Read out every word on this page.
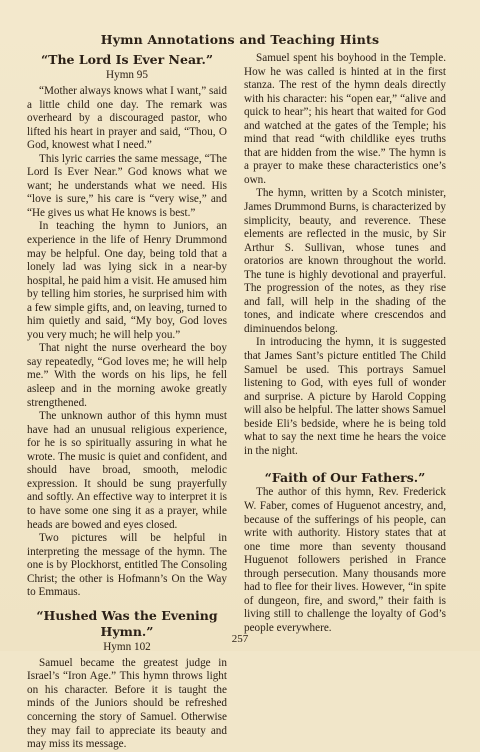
Hymn Annotations and Teaching Hints
“The Lord Is Ever Near.”
Hymn 95

“Mother always knows what I want,” said a little child one day. The remark was overheard by a discouraged pastor, who lifted his heart in prayer and said, “Thou, O God, knowest what I need.”

This lyric carries the same message, “The Lord Is Ever Near.” God knows what we want; he understands what we need. His “love is sure,” his care is “very wise,” and “He gives us what He knows is best.”

In teaching the hymn to Juniors, an experience in the life of Henry Drummond may be helpful. One day, being told that a lonely lad was lying sick in a near-by hospital, he paid him a visit. He amused him by telling him stories, he surprised him with a few simple gifts, and, on leaving, turned to him quietly and said, “My boy, God loves you very much; he will help you.”

That night the nurse overheard the boy say repeatedly, “God loves me; he will help me.” With the words on his lips, he fell asleep and in the morning awoke greatly strengthened.

The unknown author of this hymn must have had an unusual religious experience, for he is so spiritually assuring in what he wrote. The music is quiet and confident, and should have broad, smooth, melodic expression. It should be sung prayerfully and softly. An effective way to interpret it is to have some one sing it as a prayer, while heads are bowed and eyes closed.

Two pictures will be helpful in interpreting the message of the hymn. The one is by Plockhorst, entitled The Consoling Christ; the other is Hofmann’s On the Way to Emmaus.

“Hushed Was the Evening Hymn.”
Hymn 102

Samuel became the greatest judge in Israel’s “Iron Age.” This hymn throws light on his character. Before it is taught the minds of the Juniors should be refreshed concerning the story of Samuel. Otherwise they may fail to appreciate its beauty and may miss its message.

Samuel spent his boyhood in the Temple. How he was called is hinted at in the first stanza. The rest of the hymn deals directly with his character: his “open ear,” “alive and quick to hear”; his heart that waited for God and watched at the gates of the Temple; his mind that read “with childlike eyes truths that are hidden from the wise.” The hymn is a prayer to make these characteristics one’s own.

The hymn, written by a Scotch minister, James Drummond Burns, is characterized by simplicity, beauty, and reverence. These elements are reflected in the music, by Sir Arthur S. Sullivan, whose tunes and oratorios are known throughout the world. The tune is highly devotional and prayerful. The progression of the notes, as they rise and fall, will help in the shading of the tones, and indicate where crescendos and diminuendos belong.

In introducing the hymn, it is suggested that James Sant’s picture entitled The Child Samuel be used. This portrays Samuel listening to God, with eyes full of wonder and surprise. A picture by Harold Copping will also be helpful. The latter shows Samuel beside Eli’s bedside, where he is being told what to say the next time he hears the voice in the night.

“Faith of Our Fathers.”

The author of this hymn, Rev. Frederick W. Faber, comes of Huguenot ancestry, and, because of the sufferings of his people, can write with authority. History states that at one time more than seventy thousand Huguenot followers perished in France through persecution. Many thousands more had to flee for their lives. However, “in spite of dungeon, fire, and sword,” their faith is living still to challenge the loyalty of God’s people everywhere.

257
